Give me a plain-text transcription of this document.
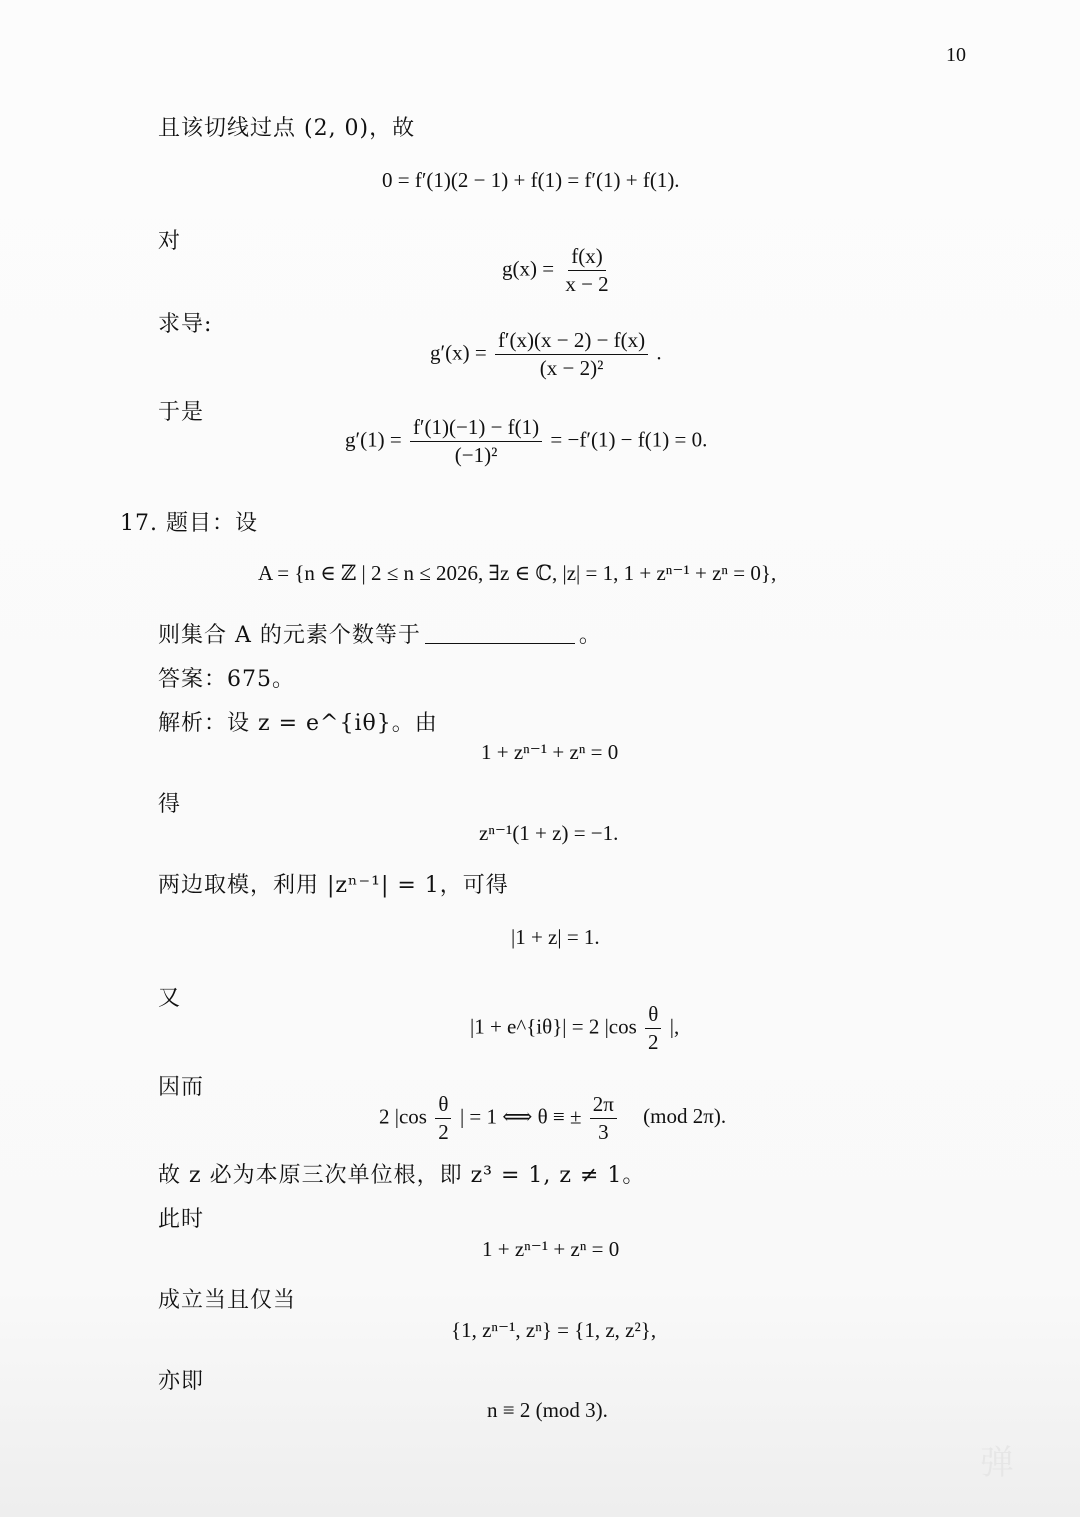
10
且该切线过点 (2, 0)，故
0 = f′(1)(2 − 1) + f(1) = f′(1) + f(1).
对
$g(x) = \frac{f(x)}{x - 2}$
求导:
$g'(x) = \frac{f'(x)(x - 2) - f(x)}{\text{(x − 2)²}}$ .
于是
$g'(1) = \frac{f'(1)(-1) - f(1)}{\text{(−1)²}} = -f'(1) - f(1) = 0$.
17. 题目：设
A = {n ∈ ℤ | 2 ≤ n ≤ 2026, ∃z ∈ ℂ, |z| = 1, 1 + zⁿ⁻¹ + zⁿ = 0},
则集合 A 的元素个数等于	。
答案：675。
解析：设 z = e^{iθ}。由
1 + zⁿ⁻¹ + zⁿ = 0
得
zⁿ⁻¹(1 + z) = −1.
两边取模，利用 |zⁿ⁻¹| = 1，可得
|1 + z| = 1.
又
|1 + e^{iθ}| = 2 $|\cos \frac{\theta}{2}$ |,
因而
2 $|\cos \frac{\theta}{2}$ | = 1 ⟺ θ ≡ ± $\frac{2\pi}{3} (mod$ 2π).
故 z 必为本原三次单位根，即 z³ = 1, z ≠ 1。
此时
1 + zⁿ⁻¹ + zⁿ = 0
成立当且仅当
{1, zⁿ⁻¹, zⁿ} = {1, z, z²},
亦即
n ≡ 2 (mod 3).
弹
